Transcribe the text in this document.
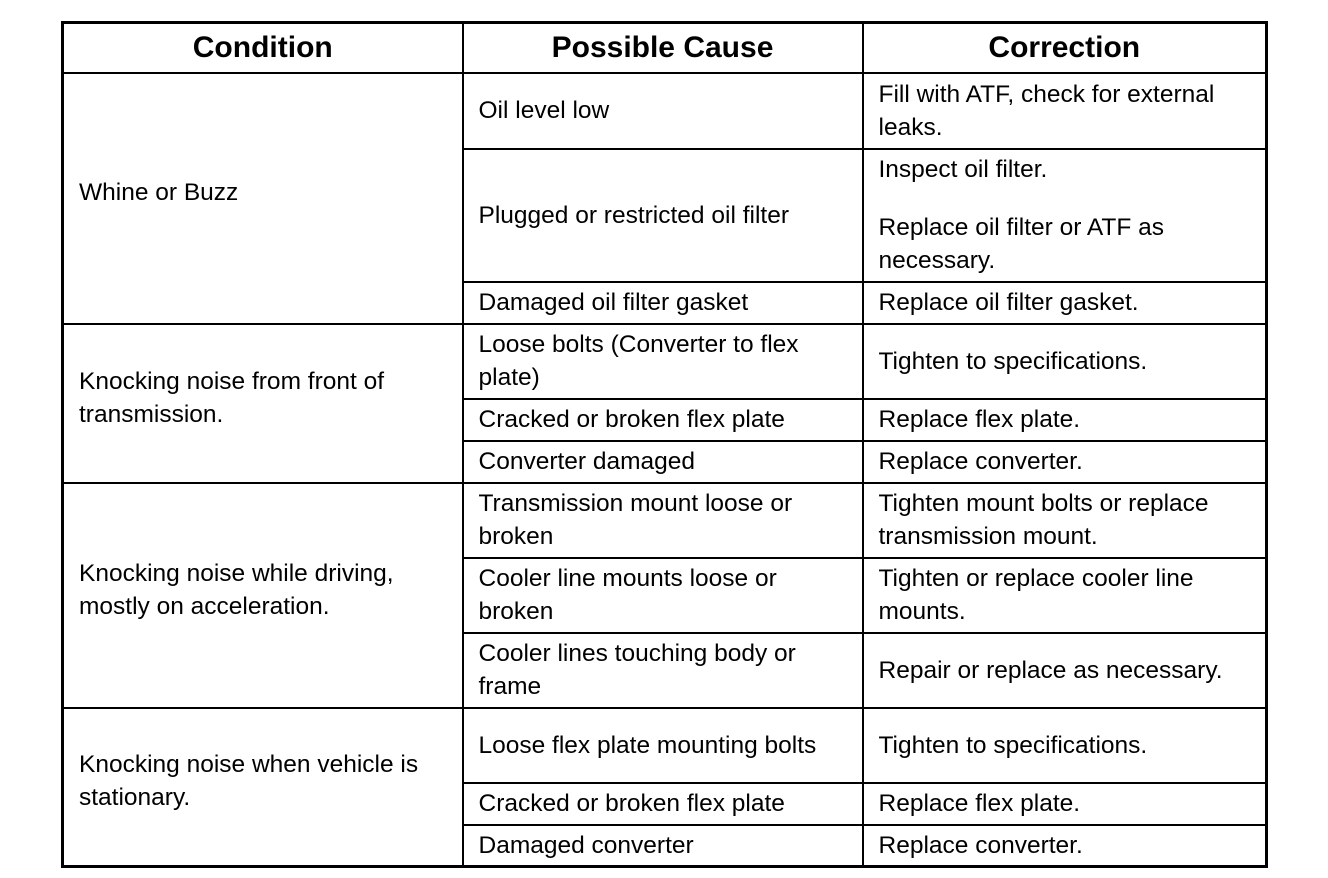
Condition	Possible Cause	Correction
Whine or Buzz	Oil level low	Fill with ATF, check for external leaks.
	Plugged or restricted oil filter	Inspect oil filter.
Replace oil filter or ATF as necessary.

	Damaged oil filter gasket	Replace oil filter gasket.
Knocking noise from front of transmission.	Loose bolts (Converter to flex plate)	Tighten to specifications.
	Cracked or broken flex plate	Replace flex plate.
	Converter damaged	Replace converter.
Knocking noise while driving, mostly on acceleration.	Transmission mount loose or broken	Tighten mount bolts or replace transmission mount.
	Cooler line mounts loose or broken	Tighten or replace cooler line mounts.
	Cooler lines touching body or frame	Repair or replace as necessary.
Knocking noise when vehicle is stationary.	Loose flex plate mounting bolts	Tighten to specifications.
	Cracked or broken flex plate	Replace flex plate.
	Damaged converter	Replace converter.
